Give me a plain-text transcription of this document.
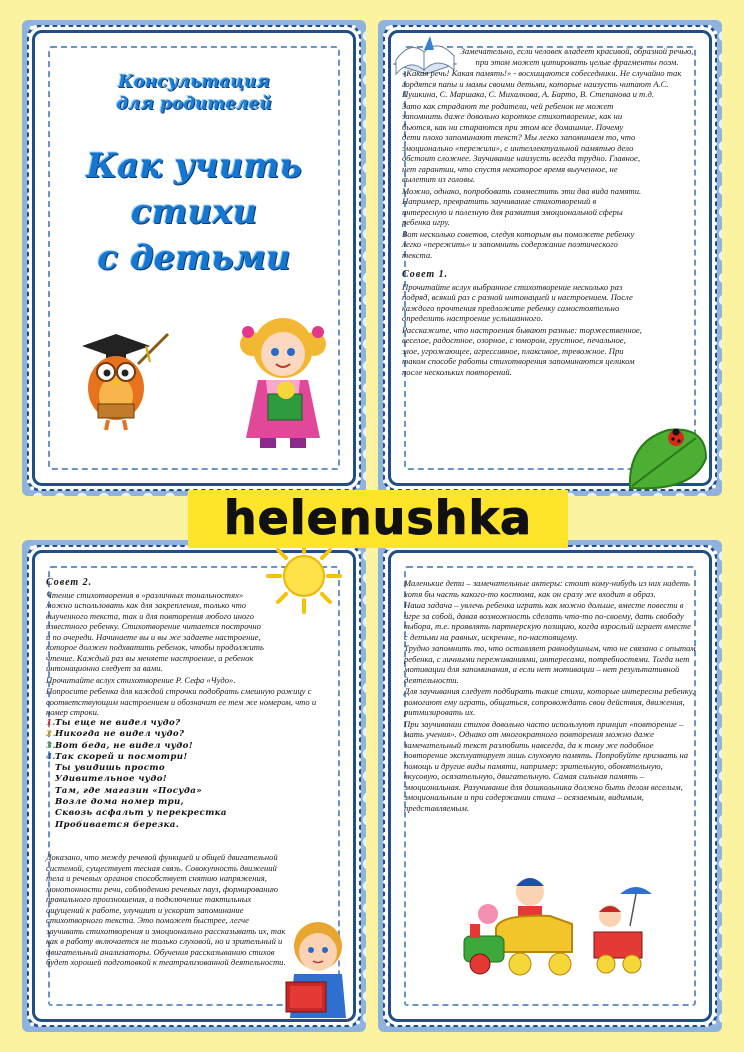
Консультация
для родителей
Как учить
стихи
с детьми

Замечательно, если человек владеет красивой, образной речью, при этом может цитировать целые фрагменты поэм.

«Какая речь! Какая память!» - восхищаются собеседники. Не случайно так гордятся папы и мамы своими детьми, которые наизусть читают А.С. Пушкина, С. Маршака, С. Михалкова, А. Барто, В. Степанова и т.д.

Зато как страдают те родители, чей ребенок не может запомнить даже довольно короткое стихотворение, как ни бьются, как ни стараются при этом все домашние. Почему дети плохо запоминают текст? Мы легко запоминаем то, что эмоционально «пережили», с интеллектуальной памятью дело обстоит сложнее. Заучивание наизусть всегда трудно. Главное, нет гарантии, что спустя некоторое время выученное, не вылетит из головы.

Можно, однако, попробовать совместить эти два вида памяти. Например, превратить заучивание стихотворений в интересную и полезную для развития эмоциональной сферы ребенка игру.

Вот несколько советов, следуя которым вы поможете ребенку легко «пережить» и запомнить содержание поэтического текста.

Совет 1.

Прочитайте вслух выбранное стихотворение несколько раз подряд, всякий раз с разной интонацией и настроением. После каждого прочтения предложите ребенку самостоятельно определить настроение услышанного.

Расскажите, что настроения бывают разные: торжественное, веселое, радостное, озорное, с юмором, грустное, печальное, злое, угрожающее, агрессивное, плаксивое, тревожное. При таком способе работы стихотворения запоминаются целиком после нескольких повторений.

Совет 2.

Чтение стихотворения в «различных тональностях» можно использовать как для закрепления, только что выученного текста, так и для повторения любого иного известного ребенку. Стихотворение читается построчно и по очереди. Начинаете вы и вы же задаете настроение, которое должен подхватить ребенок, чтобы продолжить чтение. Каждый раз вы меняете настроение, а ребенок интонационно следует за вами.

Прочитайте вслух стихотворение Р. Сефа «Чудо».

Попросите ребенка для каждой строчки подобрать смешную рожицу с соответствующим настроением и обозначит ее тем же номером, что и номер строки.

1.Ты еще не видел чудо?
2.Никогда не видел чудо?
3.Вот беда, не видел чудо!
4.Так скорей и посмотри!
Ты увидишь просто
Удивительное чудо!
Там, где магазин «Посуда»
Возле дома номер три,
Сквозь асфальт у перекрестка
Пробивается березка.

Доказано, что между речевой функцией и общей двигательной системой, существует тесная связь. Совокупность движений тела и речевых органов способствует снятию напряжения, монотонности речи, соблюдению речевых пауз, формированию правильного произношения, а подключение тактильных ощущений к работе, улучшит и ускорит запоминание стихотворного текста. Это поможет быстрее, легче заучивать стихотворения и эмоционально рассказывать их, так как в работу включается не только слуховой, но и зрительный и двигательный анализаторы. Обучения рассказыванию стихов будет хорошей подготовкой к театрализованной деятельности.

Маленькие дети – замечательные актеры: стоит кому-нибудь из них надеть хотя бы часть какого-то костюма, как он сразу же входит в образ.

Наша задача – увлечь ребенка играть как можно дольше, вместе повести в игре за собой, давая возможность сделать что-то по-своему, дать свободу выбора, т.е. проявлять партнерскую позицию, когда взрослый играет вместе с детьми на равных, искренне, по-настоящему.

Трудно запомнить то, что оставляет равнодушным, что не связано с опытом ребенка, с личными переживаниями, интересами, потребностями. Тогда нет мотивации для запоминания, а если нет мотивации – нет результативной деятельности.

Для заучивания следует подбирать такие стихи, которые интересны ребенку, помогают ему играть, общаться, сопровождать свои действия, движения, ритмизировать их.

При заучивании стихов довольно часто используют принцип «повторение – мать учения». Однако от многократного повторения можно даже замечательный текст разлюбить навсегда, да к тому же подобное повторение эксплуатирует лишь слуховую память. Попробуйте призвать на помощь и другие виды памяти, например: зрительную, обонятельную, вкусовую, осязательную, двигательную. Самая сильная память – эмоциональная. Разучивание для дошкольника должно быть делом веселым, эмоциональным и при содержании стиха – осязаемым, видимым, представляемым.

helenushka
